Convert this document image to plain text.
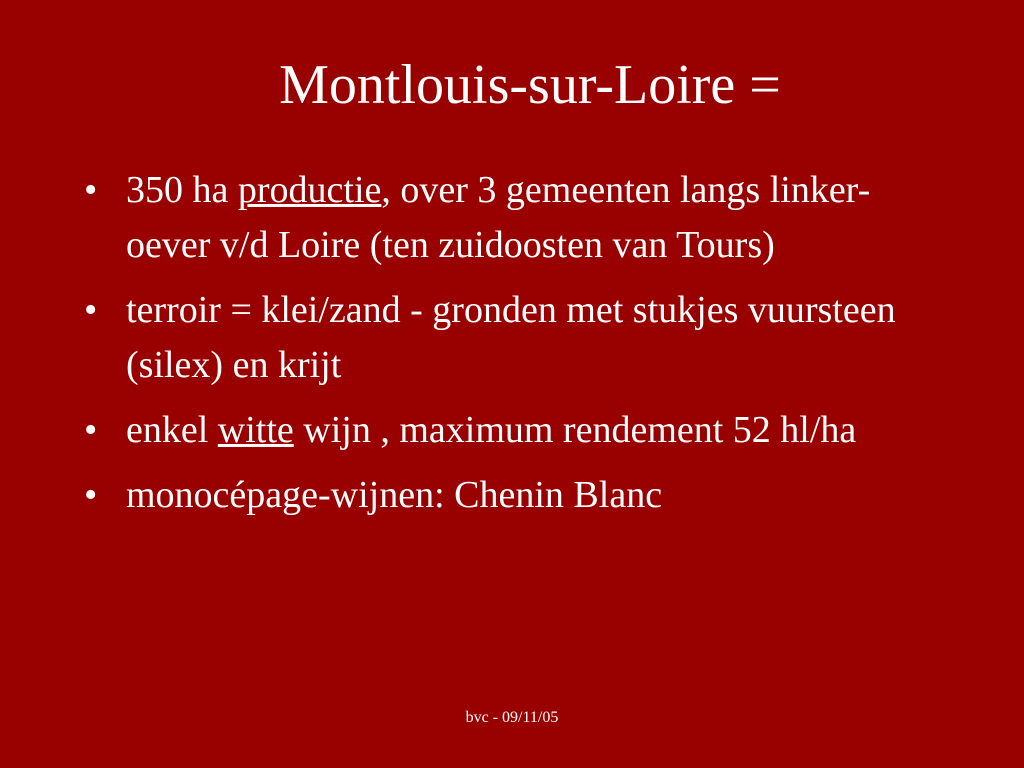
Montlouis-sur-Loire =
• 350 ha productie, over 3 gemeenten langs linker-oever v/d Loire (ten zuidoosten van Tours)
• terroir = klei/zand - gronden met stukjes vuursteen (silex) en krijt
• enkel witte wijn , maximum rendement 52 hl/ha
• monocépage-wijnen: Chenin Blanc
bvc - 09/11/05
